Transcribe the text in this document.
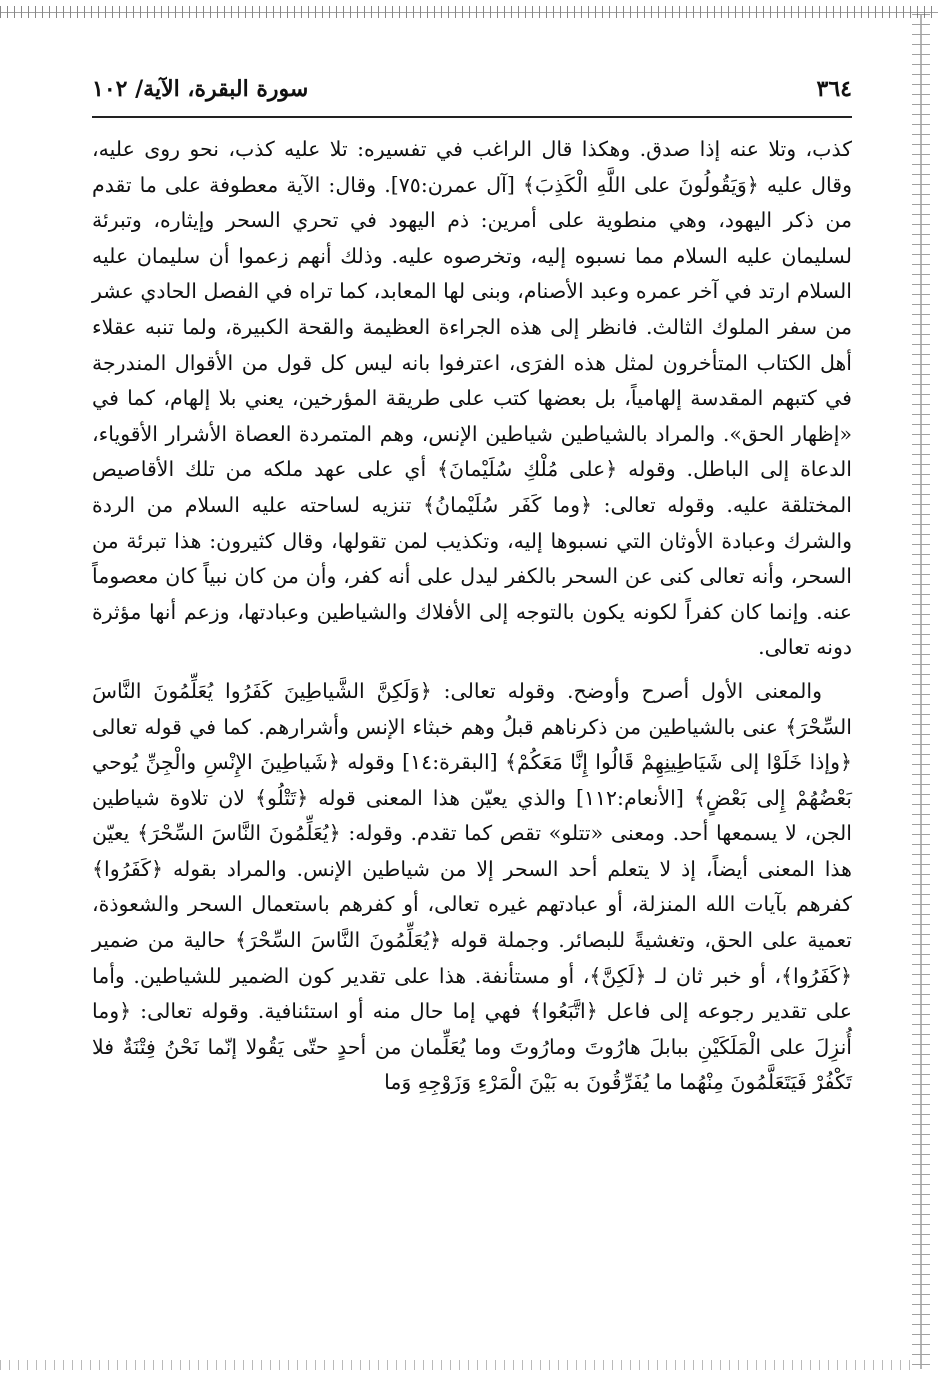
٣٦٤
سورة البقرة، الآية/ ١٠٢

كذب، وتلا عنه إذا صدق. وهكذا قال الراغب في تفسيره: تلا عليه كذب، نحو روى عليه، وقال عليه ﴿وَيَقُولُونَ على اللَّهِ الْكَذِبَ﴾ [آل عمرن:٧٥]. وقال: الآية معطوفة على ما تقدم من ذكر اليهود، وهي منطوية على أمرين: ذم اليهود في تحري السحر وإيثاره، وتبرئة لسليمان عليه السلام مما نسبوه إليه، وتخرصوه عليه. وذلك أنهم زعموا أن سليمان عليه السلام ارتد في آخر عمره وعبد الأصنام، وبنى لها المعابد، كما تراه في الفصل الحادي عشر من سفر الملوك الثالث. فانظر إلى هذه الجراءة العظيمة والقحة الكبيرة، ولما تنبه عقلاء أهل الكتاب المتأخرون لمثل هذه الفرَى، اعترفوا بانه ليس كل قول من الأقوال المندرجة في كتبهم المقدسة إلهامياً، بل بعضها كتب على طريقة المؤرخين، يعني بلا إلهام، كما في «إظهار الحق». والمراد بالشياطين شياطين الإنس، وهم المتمردة العصاة الأشرار الأقوياء، الدعاة إلى الباطل. وقوله ﴿على مُلْكِ سُلَيْمانَ﴾ أي على عهد ملكه من تلك الأقاصيص المختلقة عليه. وقوله تعالى: ﴿وما كَفَر سُلَيْمانُ﴾ تنزيه لساحته عليه السلام من الردة والشرك وعبادة الأوثان التي نسبوها إليه، وتكذيب لمن تقولها، وقال كثيرون: هذا تبرئة من السحر، وأنه تعالى كنى عن السحر بالكفر ليدل على أنه كفر، وأن من كان نبياً كان معصوماً عنه. وإنما كان كفراً لكونه يكون بالتوجه إلى الأفلاك والشياطين وعبادتها، وزعم أنها مؤثرة دونه تعالى.

والمعنى الأول أصرح وأوضح. وقوله تعالى: ﴿وَلَكِنَّ الشَّياطِينَ كَفَرُوا يُعَلِّمُونَ النَّاسَ السِّحْرَ﴾ عنى بالشياطين من ذكرناهم قبلُ وهم خبثاء الإنس وأشرارهم. كما في قوله تعالى ﴿وإذا خَلَوْا إلى شَيَاطِينِهِمْ قَالُوا إِنَّا مَعَكُمْ﴾ [البقرة:١٤] وقوله ﴿شَياطِينَ الإِنْسِ والْجِنِّ يُوحي بَعْضُهُمْ إِلى بَعْضٍ﴾ [الأنعام:١١٢] والذي يعيّن هذا المعنى قوله ﴿تَتْلُو﴾ لان تلاوة شياطين الجن، لا يسمعها أحد. ومعنى «تتلو» تقص كما تقدم. وقوله: ﴿يُعَلِّمُونَ النَّاسَ السِّحْرَ﴾ يعيّن هذا المعنى أيضاً، إذ لا يتعلم أحد السحر إلا من شياطين الإنس. والمراد بقوله ﴿كَفَرُوا﴾ كفرهم بآيات الله المنزلة، أو عبادتهم غيره تعالى، أو كفرهم باستعمال السحر والشعوذة، تعمية على الحق، وتغشيةً للبصائر. وجملة قوله ﴿يُعَلِّمُونَ النَّاسَ السِّحْرَ﴾ حالية من ضمير ﴿كَفَرُوا﴾، أو خبر ثان لـ ﴿لَكِنَّ﴾، أو مستأنفة. هذا على تقدير كون الضمير للشياطين. وأما على تقدير رجوعه إلى فاعل ﴿اتَّبَعُوا﴾ فهي إما حال منه أو استئنافية. وقوله تعالى: ﴿وما أُنزِلَ على الْمَلَكَيْنِ ببابلَ هارُوتَ ومارُوتَ وما يُعَلِّمان من أحدٍ حتّى يَقُولا إنّما نَحْنُ فِتْنَةٌ فلا تَكْفُرْ فَيَتَعَلَّمُونَ مِنْهُما ما يُفَرِّقُونَ به بَيْنَ الْمَرْءِ وَزَوْجِهِ وَما
